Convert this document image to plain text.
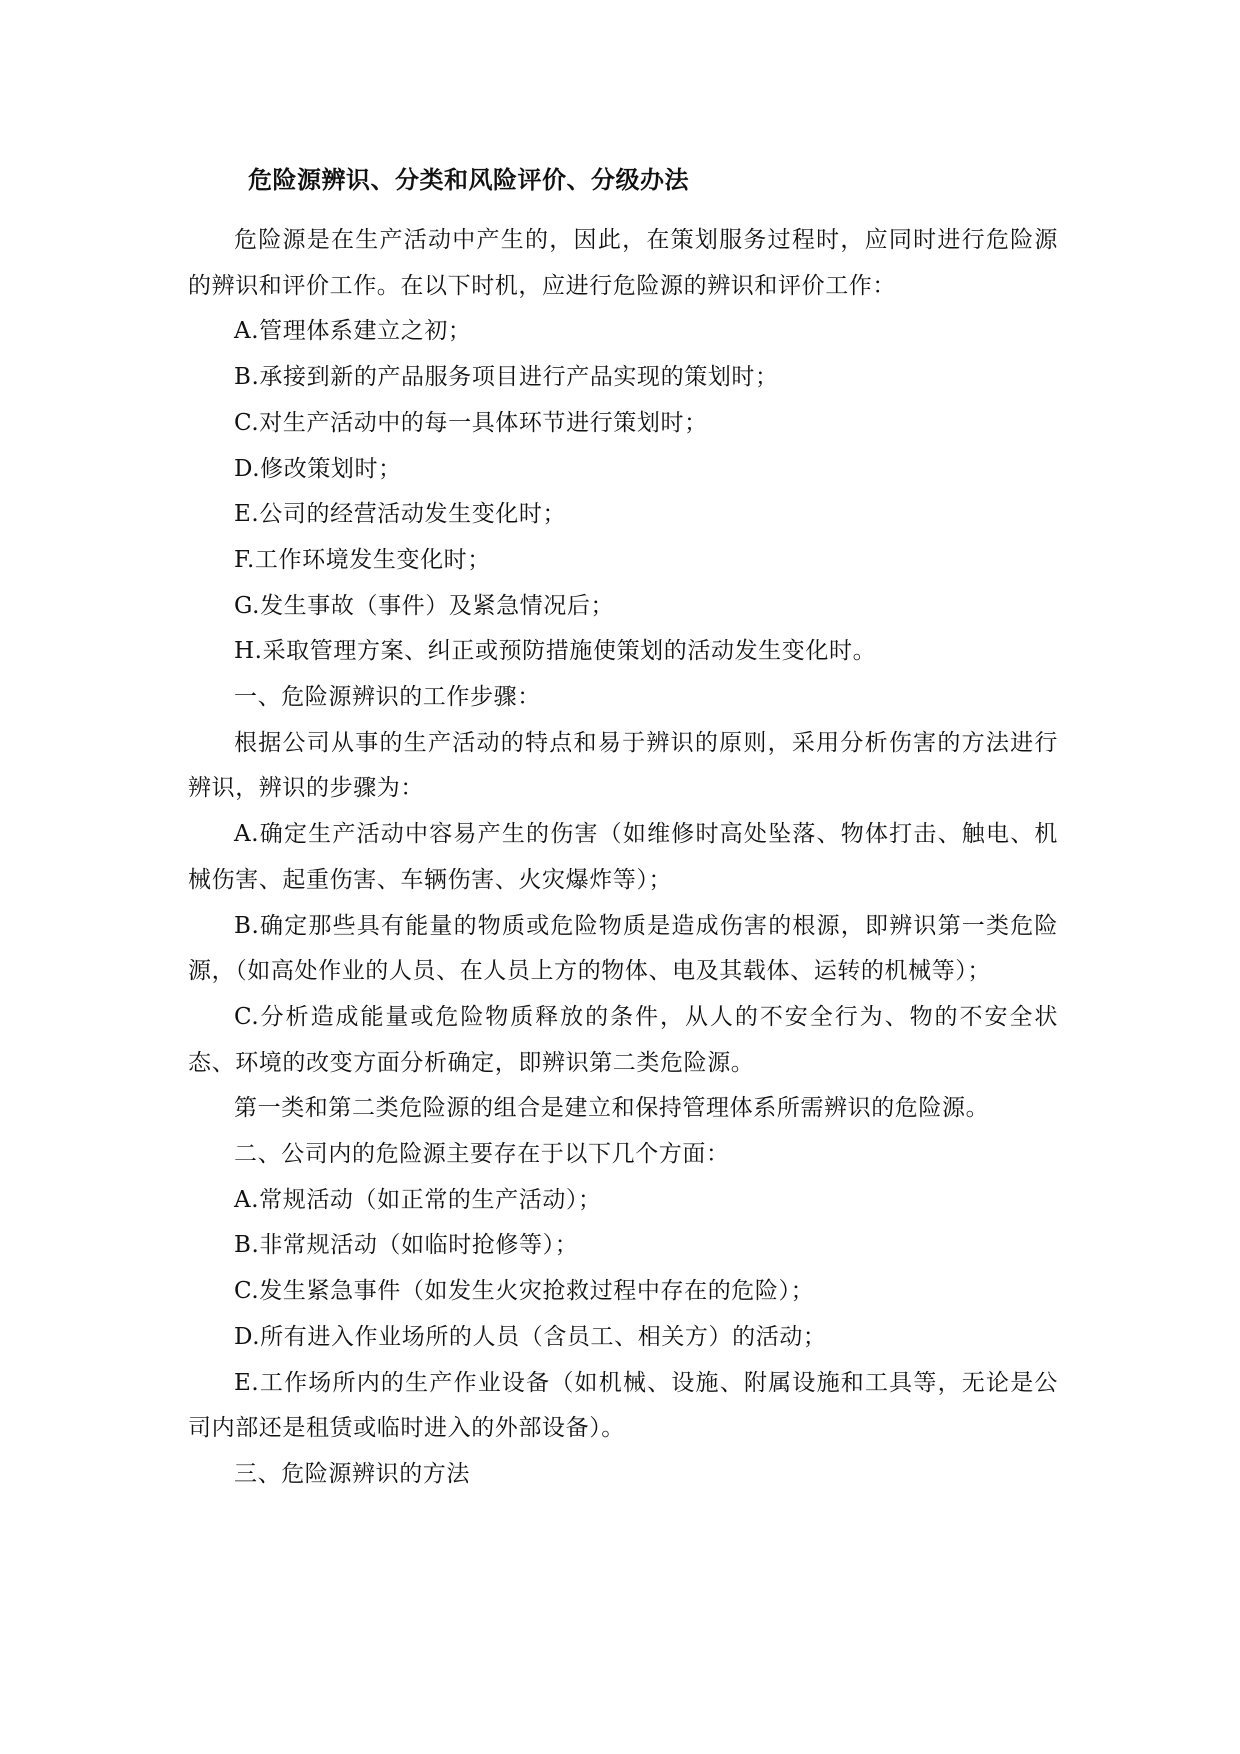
危险源辨识、分类和风险评价、分级办法

危险源是在生产活动中产生的，因此，在策划服务过程时，应同时进行危险源的辨识和评价工作。在以下时机，应进行危险源的辨识和评价工作：

A.管理体系建立之初；

B.承接到新的产品服务项目进行产品实现的策划时；

C.对生产活动中的每一具体环节进行策划时；

D.修改策划时；

E.公司的经营活动发生变化时；

F.工作环境发生变化时；

G.发生事故（事件）及紧急情况后；

H.采取管理方案、纠正或预防措施使策划的活动发生变化时。

一、危险源辨识的工作步骤：

根据公司从事的生产活动的特点和易于辨识的原则，采用分析伤害的方法进行辨识，辨识的步骤为：

A.确定生产活动中容易产生的伤害（如维修时高处坠落、物体打击、触电、机械伤害、起重伤害、车辆伤害、火灾爆炸等）；

B.确定那些具有能量的物质或危险物质是造成伤害的根源，即辨识第一类危险源，（如高处作业的人员、在人员上方的物体、电及其载体、运转的机械等）；

C.分析造成能量或危险物质释放的条件，从人的不安全行为、物的不安全状态、环境的改变方面分析确定，即辨识第二类危险源。

第一类和第二类危险源的组合是建立和保持管理体系所需辨识的危险源。

二、公司内的危险源主要存在于以下几个方面：

A.常规活动（如正常的生产活动）；

B.非常规活动（如临时抢修等）；

C.发生紧急事件（如发生火灾抢救过程中存在的危险）；

D.所有进入作业场所的人员（含员工、相关方）的活动；

E.工作场所内的生产作业设备（如机械、设施、附属设施和工具等，无论是公司内部还是租赁或临时进入的外部设备）。

三、危险源辨识的方法
